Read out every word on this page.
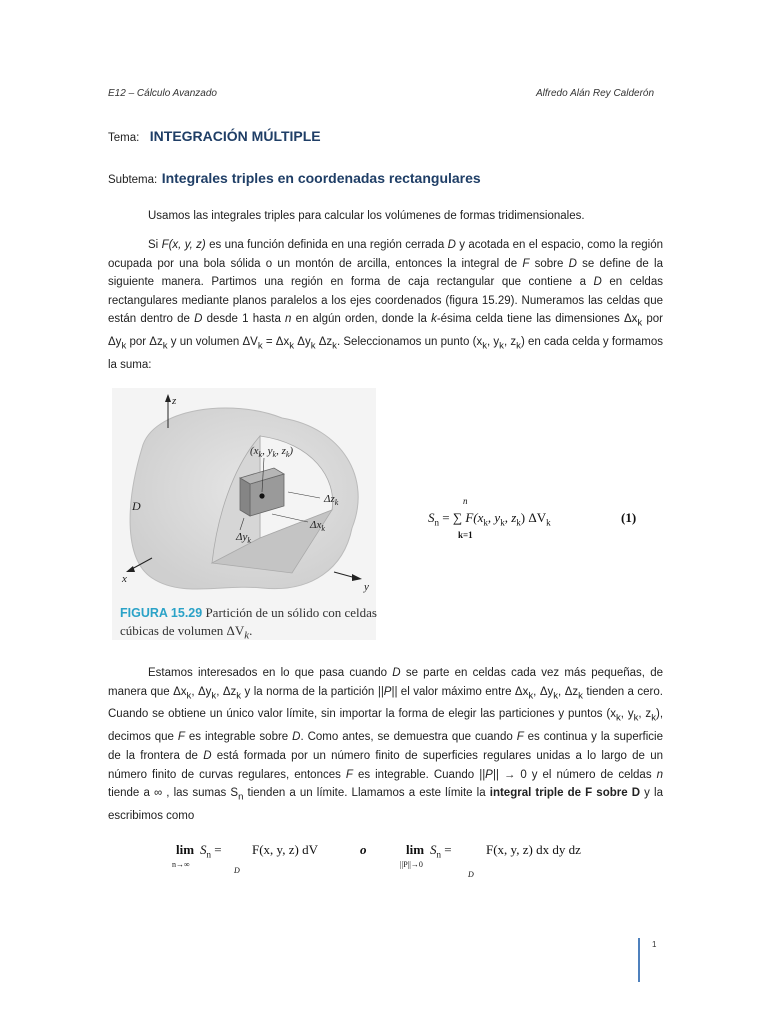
E12 – Cálculo Avanzado	Alfredo Alán Rey Calderón
Tema: INTEGRACIÓN MÚLTIPLE
Subtema: Integrales triples en coordenadas rectangulares

Usamos las integrales triples para calcular los volúmenes de formas tridimensionales.

Si F(x, y, z) es una función definida en una región cerrada D y acotada en el espacio, como la región ocupada por una bola sólida o un montón de arcilla, entonces la integral de F sobre D se define de la siguiente manera. Partimos una región en forma de caja rectangular que contiene a D en celdas rectangulares mediante planos paralelos a los ejes coordenados (figura 15.29). Numeramos las celdas que están dentro de D desde 1 hasta n en algún orden, donde la k-ésima celda tiene las dimensiones $\Delta x_k$ por $\Delta y_k$ por $\Delta z_k$ y un volumen $\Delta V_k = \Delta x_k$ $\Delta y_k$ $\Delta z_k$. Seleccionamos un punto ($x_k$, $y_k$, $z_k$) en cada celda y formamos la suma:

z
x
y
D
($x_k$, $y_k$, $z_k$)
$\Delta z_k$
$\Delta x_k$
$\Delta y_k$
FIGURA 15.29 Partición de un sólido con celdas cúbicas de volumen $\Delta V_k$.
n
$S_n$ = ∑ $F(x_k$, $y_k$, $z_k$) $\Delta V_k$
k=1
(1)

Estamos interesados en lo que pasa cuando D se parte en celdas cada vez más pequeñas, de manera que $\Delta x_k$, $\Delta y_k$, $\Delta z_k$ y la norma de la partición ||P|| el valor máximo entre $\Delta x_k$, $\Delta y_k$, $\Delta z_k$ tienden a cero. Cuando se obtiene un único valor límite, sin importar la forma de elegir las particiones y puntos ($x_k$, $y_k$, $z_k$), decimos que F es integrable sobre D. Como antes, se demuestra que cuando F es continua y la superficie de la frontera de D está formada por un número finito de superficies regulares unidas a lo largo de un número finito de curvas regulares, entonces F es integrable. Cuando ||P|| → 0 y el número de celdas n tiende a ∞ , las sumas $S_n$ tienden a un límite. Llamamos a este límite la integral triple de F sobre D y la escribimos como

lim
n→∞
$S_n = F(x$, y, z) dV
D
o	lim
||P||→0
$S_n$ =	F(x, y, z) dx dy dz
D
1
